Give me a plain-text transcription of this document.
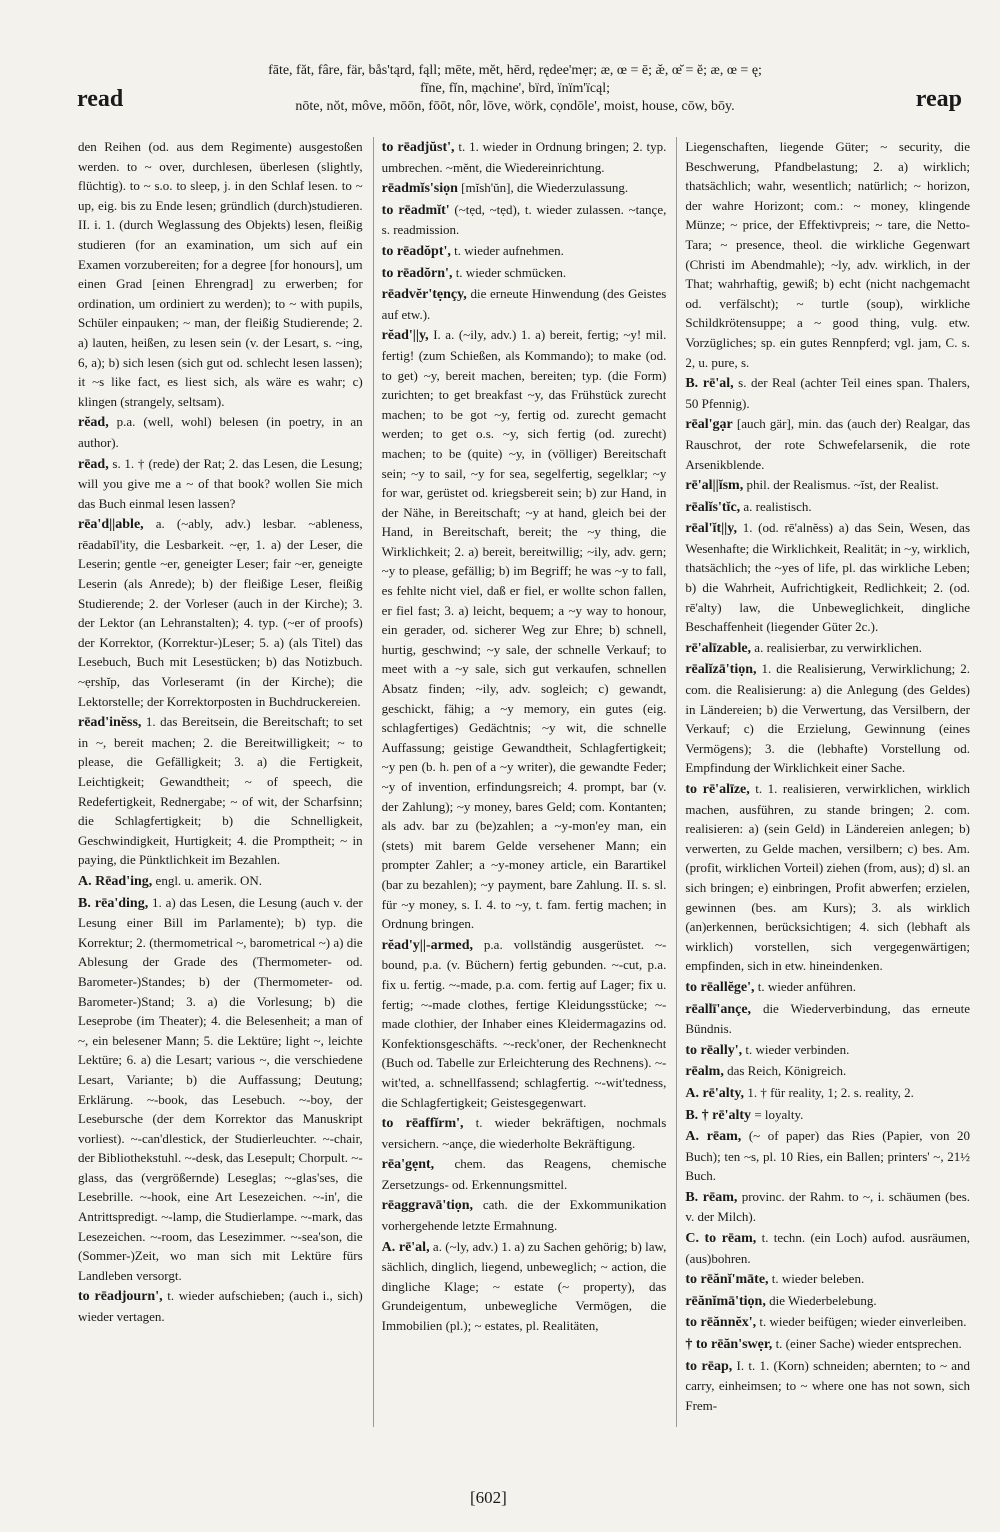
read
fāte, făt, fâre, fär, bås'tąrd, fąll; mēte, mĕt, hērd, rędee'mẹr; æ, œ = ē; æ̆, œ̆ = ĕ; æ, œ = ę;
fīne, fĭn, mạchine', bïrd, ïnïm'ïcąl;
nōte, nŏt, môve, mōōn, fōōt, nôr, lōve, wörk, cọndōle', moist, house, cōw, bōy.	reap

den Reihen (od. aus dem Regimente) ausgestoßen werden. to ~ over, durchlesen, überlesen (slightly, flüchtig). to ~ s.o. to sleep, j. in den Schlaf lesen. to ~ up, eig. bis zu Ende lesen; gründlich (durch)studieren. II. i. 1. (durch Weglassung des Objekts) lesen, fleißig studieren (for an examination, um sich auf ein Examen vorzubereiten; for a degree [for honours], um einen Grad [einen Ehrengrad] zu erwerben; for ordination, um ordiniert zu werden); to ~ with pupils, Schüler einpauken; ~ man, der fleißig Studierende; 2. a) lauten, heißen, zu lesen sein (v. der Lesart, s. ~ing, 6, a); b) sich lesen (sich gut od. schlecht lesen lassen); it ~s like fact, es liest sich, als wäre es wahr; c) klingen (strangely, seltsam).

rĕad, p.a. (well, wohl) belesen (in poetry, in an author).

rēad, s. 1. † (rede) der Rat; 2. das Lesen, die Lesung; will you give me a ~ of that book? wollen Sie mich das Buch einmal lesen lassen?

rēa'd||able, a. (~ably, adv.) lesbar. ~ableness, rēadabĭl'ity, die Lesbarkeit. ~ẹr, 1. a) der Leser, die Leserin; gentle ~er, geneigter Leser; fair ~er, geneigte Leserin (als Anrede); b) der fleißige Leser, fleißig Studierende; 2. der Vorleser (auch in der Kirche); 3. der Lektor (an Lehranstalten); 4. typ. (~er of proofs) der Korrektor, (Korrektur-)Leser; 5. a) (als Titel) das Lesebuch, Buch mit Lesestücken; b) das Notizbuch. ~ẹrshĭp, das Vorleseramt (in der Kirche); die Lektorstelle; der Korrektorposten in Buchdruckereien.

rēad'inĕss, 1. das Bereitsein, die Bereitschaft; to set in ~, bereit machen; 2. die Bereitwilligkeit; ~ to please, die Gefälligkeit; 3. a) die Fertigkeit, Leichtigkeit; Gewandtheit; ~ of speech, die Redefertigkeit, Rednergabe; ~ of wit, der Scharfsinn; die Schlagfertigkeit; b) die Schnelligkeit, Geschwindigkeit, Hurtigkeit; 4. die Promptheit; ~ in paying, die Pünktlichkeit im Bezahlen.

A. Rēad'ing, engl. u. amerik. ON.

B. rēa'ding, 1. a) das Lesen, die Lesung (auch v. der Lesung einer Bill im Parlamente); b) typ. die Korrektur; 2. (thermometrical ~, barometrical ~) a) die Ablesung der Grade des (Thermometer- od. Barometer-)Standes; b) der (Thermometer- od. Barometer-)Stand; 3. a) die Vorlesung; b) die Leseprobe (im Theater); 4. die Belesenheit; a man of ~, ein belesener Mann; 5. die Lektüre; light ~, leichte Lektüre; 6. a) die Lesart; various ~, die verschiedene Lesart, Variante; b) die Auffassung; Deutung; Erklärung. ~-book, das Lesebuch. ~-boy, der Lesebursche (der dem Korrektor das Manuskript vorliest). ~-can'dlestick, der Studierleuchter. ~-chair, der Bibliothekstuhl. ~-desk, das Lesepult; Chorpult. ~-glass, das (vergrößernde) Leseglas; ~-glas'ses, die Lesebrille. ~-hook, eine Art Lesezeichen. ~-in', die Antrittspredigt. ~-lamp, die Studierlampe. ~-mark, das Lesezeichen. ~-room, das Lesezimmer. ~-sea'son, die (Sommer-)Zeit, wo man sich mit Lektüre fürs Landleben versorgt.

to rēadjourn', t. wieder aufschieben; (auch i., sich) wieder vertagen.

to rēadjŭst', t. 1. wieder in Ordnung bringen; 2. typ. umbrechen. ~mĕnt, die Wiedereinrichtung.

rēadmĭs'siọn [mĭsh'ŭn], die Wiederzulassung.

to rēadmĭt' (~tẹd, ~tẹd), t. wieder zulassen. ~tançe, s. readmission.

to rēadŏpt', t. wieder aufnehmen.

to rēadŏrn', t. wieder schmücken.

rēadvĕr'tẹnçy, die erneute Hinwendung (des Geistes auf etw.).

rĕad'||y, I. a. (~ily, adv.) 1. a) bereit, fertig; ~y! mil. fertig! (zum Schießen, als Kommando); to make (od. to get) ~y, bereit machen, bereiten; typ. (die Form) zurichten; to get breakfast ~y, das Frühstück zurecht machen; to be got ~y, fertig od. zurecht gemacht werden; to get o.s. ~y, sich fertig (od. zurecht) machen; to be (quite) ~y, in (völliger) Bereitschaft sein; ~y to sail, ~y for sea, segelfertig, segelklar; ~y for war, gerüstet od. kriegsbereit sein; b) zur Hand, in der Nähe, in Bereitschaft; ~y at hand, gleich bei der Hand, in Bereitschaft, bereit; the ~y thing, die Wirklichkeit; 2. a) bereit, bereitwillig; ~ily, adv. gern; ~y to please, gefällig; b) im Begriff; he was ~y to fall, es fehlte nicht viel, daß er fiel, er wollte schon fallen, er fiel fast; 3. a) leicht, bequem; a ~y way to honour, ein gerader, od. sicherer Weg zur Ehre; b) schnell, hurtig, geschwind; ~y sale, der schnelle Verkauf; to meet with a ~y sale, sich gut verkaufen, schnellen Absatz finden; ~ily, adv. sogleich; c) gewandt, geschickt, fähig; a ~y memory, ein gutes (eig. schlagfertiges) Gedächtnis; ~y wit, die schnelle Auffassung; geistige Gewandtheit, Schlagfertigkeit; ~y pen (b. h. pen of a ~y writer), die gewandte Feder; ~y of invention, erfindungsreich; 4. prompt, bar (v. der Zahlung); ~y money, bares Geld; com. Kontanten; als adv. bar zu (be)zahlen; a ~y-mon'ey man, ein (stets) mit barem Gelde versehener Mann; ein prompter Zahler; a ~y-money article, ein Barartikel (bar zu bezahlen); ~y payment, bare Zahlung. II. s. sl. für ~y money, s. I. 4. to ~y, t. fam. fertig machen; in Ordnung bringen.

rĕad'y||-armed, p.a. vollständig ausgerüstet. ~-bound, p.a. (v. Büchern) fertig gebunden. ~-cut, p.a. fix u. fertig. ~-made, p.a. com. fertig auf Lager; fix u. fertig; ~-made clothes, fertige Kleidungsstücke; ~-made clothier, der Inhaber eines Kleidermagazins od. Konfektionsgeschäfts. ~-reck'oner, der Rechenknecht (Buch od. Tabelle zur Erleichterung des Rechnens). ~-wit'ted, a. schnellfassend; schlagfertig. ~-wit'tedness, die Schlagfertigkeit; Geistesgegenwart.

to rēaffĭrm', t. wieder bekräftigen, nochmals versichern. ~ançe, die wiederholte Bekräftigung.

rēa'gẹnt, chem. das Reagens, chemische Zersetzungs- od. Erkennungsmittel.

rēaggravā'tiọn, cath. die der Exkommunikation vorhergehende letzte Ermahnung.

A. rē'al, a. (~ly, adv.) 1. a) zu Sachen gehörig; b) law, sächlich, dinglich, liegend, unbeweglich; ~ action, die dingliche Klage; ~ estate (~ property), das Grundeigentum, unbewegliche Vermögen, die Immobilien (pl.); ~ estates, pl. Realitäten,

Liegenschaften, liegende Güter; ~ security, die Beschwerung, Pfandbelastung; 2. a) wirklich; thatsächlich; wahr, wesentlich; natürlich; ~ horizon, der wahre Horizont; com.: ~ money, klingende Münze; ~ price, der Effektivpreis; ~ tare, die Netto-Tara; ~ presence, theol. die wirkliche Gegenwart (Christi im Abendmahle); ~ly, adv. wirklich, in der That; wahrhaftig, gewiß; b) echt (nicht nachgemacht od. verfälscht); ~ turtle (soup), wirkliche Schildkrötensuppe; a ~ good thing, vulg. etw. Vorzügliches; sp. ein gutes Rennpferd; vgl. jam, C. s. 2, u. pure, s.

B. rē'al, s. der Real (achter Teil eines span. Thalers, 50 Pfennig).

rēal'gạr [auch gär], min. das (auch der) Realgar, das Rauschrot, der rote Schwefelarsenik, die rote Arsenikblende.

rē'al||ĭsm, phil. der Realismus. ~ĭst, der Realist.

rēalĭs'tĭc, a. realistisch.

rēal'ĭt||y, 1. (od. rē'alnĕss) a) das Sein, Wesen, das Wesenhafte; die Wirklichkeit, Realität; in ~y, wirklich, thatsächlich; the ~yes of life, pl. das wirkliche Leben; b) die Wahrheit, Aufrichtigkeit, Redlichkeit; 2. (od. rē'alty) law, die Unbeweglichkeit, dingliche Beschaffenheit (liegender Güter 2c.).

rē'alīzable, a. realisierbar, zu verwirklichen.

rēalĭzā'tiọn, 1. die Realisierung, Verwirklichung; 2. com. die Realisierung: a) die Anlegung (des Geldes) in Ländereien; b) die Verwertung, das Versilbern, der Verkauf; c) die Erzielung, Gewinnung (eines Vermögens); 3. die (lebhafte) Vorstellung od. Empfindung der Wirklichkeit einer Sache.

to rē'alīze, t. 1. realisieren, verwirklichen, wirklich machen, ausführen, zu stande bringen; 2. com. realisieren: a) (sein Geld) in Ländereien anlegen; b) verwerten, zu Gelde machen, versilbern; c) bes. Am. (profit, wirklichen Vorteil) ziehen (from, aus); d) sl. an sich bringen; e) einbringen, Profit abwerfen; erzielen, gewinnen (bes. am Kurs); 3. als wirklich (an)erkennen, berücksichtigen; 4. sich (lebhaft als wirklich) vorstellen, sich vergegenwärtigen; empfinden, sich in etw. hineindenken.

to rēallĕge', t. wieder anführen.

rēallī'ançe, die Wiederverbindung, das erneute Bündnis.

to rēally', t. wieder verbinden.

rēalm, das Reich, Königreich.

A. rē'alty, 1. † für reality, 1; 2. s. reality, 2.

B. † rē'alty = loyalty.

A. rēam, (~ of paper) das Ries (Papier, von 20 Buch); ten ~s, pl. 10 Ries, ein Ballen; printers' ~, 21½ Buch.

B. rēam, provinc. der Rahm. to ~, i. schäumen (bes. v. der Milch).

C. to rēam, t. techn. (ein Loch) aufod. ausräumen, (aus)bohren.

to rēănĭ'māte, t. wieder beleben.

rēănĭmā'tiọn, die Wiederbelebung.

to rēănnĕx', t. wieder beifügen; wieder einverleiben.

† to rēăn'swẹr, t. (einer Sache) wieder entsprechen.

to rēap, I. t. 1. (Korn) schneiden; abernten; to ~ and carry, einheimsen; to ~ where one has not sown, sich Frem-

[602]
